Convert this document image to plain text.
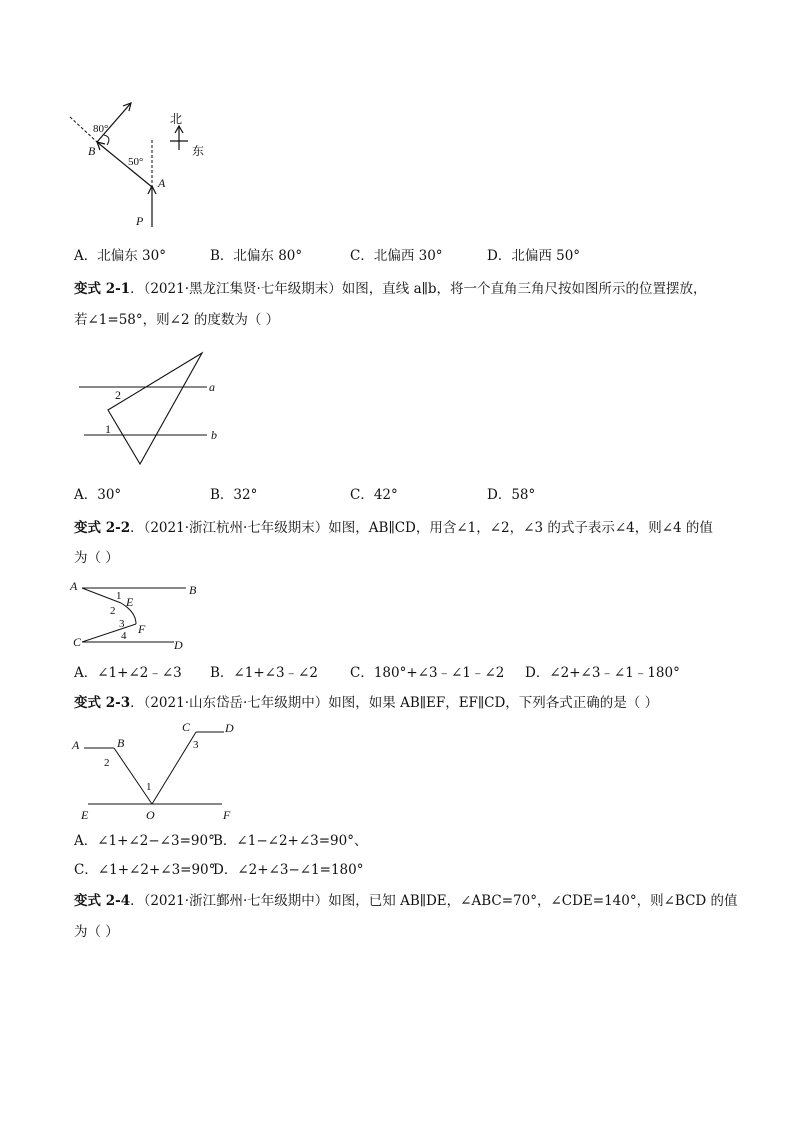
80°
50°
B
A
P
北
东
A．北偏东 30°	B．北偏东 80°	C．北偏西 30°	D．北偏西 50°
变式 2-1．（2021·黑龙江集贤·七年级期末）如图，直线 a∥b，将一个直角三角尺按如图所示的位置摆放，
若∠1=58°，则∠2 的度数为（ ）
a
b
2
1
A．30°	B．32°	C．42°	D．58°
变式 2-2．（2021·浙江杭州·七年级期末）如图，AB∥CD，用含∠1，∠2，∠3 的式子表示∠4，则∠4 的值
为（ ）
A	B
C	D
E
F
1
2
3
4
A．∠1+∠2﹣∠3 B．∠1+∠3﹣∠2 C．180°+∠3﹣∠1﹣∠2 D．∠2+∠3﹣∠1﹣180°
变式 2-3．（2021·山东岱岳·七年级期中）如图，如果 AB∥EF，EF∥CD，下列各式正确的是（ ）
A	B
C	D
E	O	F
1
2
3
A．∠1+∠2−∠3=90°
B．∠1−∠2+∠3=90°、
C．∠1+∠2+∠3=90°
D．∠2+∠3−∠1=180°
变式 2-4．（2021·浙江鄞州·七年级期中）如图，已知 AB∥DE，∠ABC=70°，∠CDE=140°，则∠BCD 的值
为（ ）
